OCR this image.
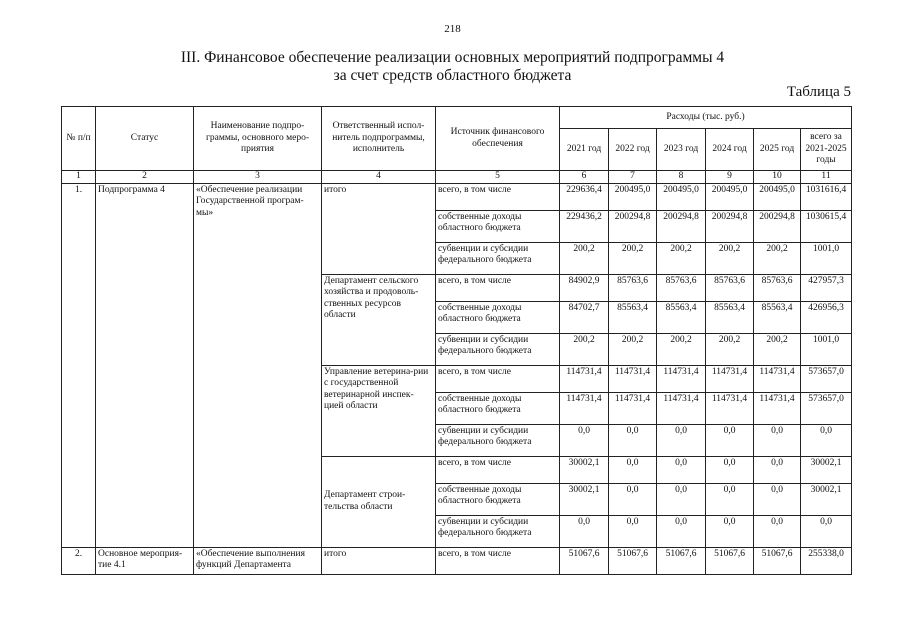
218
III. Финансовое обеспечение реализации основных мероприятий подпрограммы 4
за счет средств областного бюджета
Таблица 5
№ п/п	Статус	Наименование подпро-граммы, основного меро-приятия	Ответственный испол-нитель подпрограммы, исполнитель	Источник финансового обеспечения	Расходы (тыс. руб.)					
					2021 год	2022 год	2023 год	2024 год	2025 год	всего за 2021-2025 годы
1	2	3	4	5	6	7	8	9	10	11
1.	Подпрограмма 4	«Обеспечение реализации Государственной програм-мы»	итого	всего, в том числе	229636,4	200495,0	200495,0	200495,0	200495,0	1031616,4
				собственные доходы областного бюджета	229436,2	200294,8	200294,8	200294,8	200294,8	1030615,4
				субвенции и субсидии федерального бюджета	200,2	200,2	200,2	200,2	200,2	1001,0
			Департамент сельского хозяйства и продоволь-ственных ресурсов области	всего, в том числе	84902,9	85763,6	85763,6	85763,6	85763,6	427957,3
				собственные доходы областного бюджета	84702,7	85563,4	85563,4	85563,4	85563,4	426956,3
				субвенции и субсидии федерального бюджета	200,2	200,2	200,2	200,2	200,2	1001,0
			Управление ветерина-рии с государственной ветеринарной инспек-цией области	всего, в том числе	114731,4	114731,4	114731,4	114731,4	114731,4	573657,0
				собственные доходы областного бюджета	114731,4	114731,4	114731,4	114731,4	114731,4	573657,0
				субвенции и субсидии федерального бюджета	0,0	0,0	0,0	0,0	0,0	0,0
			Департамент строи-тельства области	всего, в том числе	30002,1	0,0	0,0	0,0	0,0	30002,1
				собственные доходы областного бюджета	30002,1	0,0	0,0	0,0	0,0	30002,1
				субвенции и субсидии федерального бюджета	0,0	0,0	0,0	0,0	0,0	0,0
2.	Основное мероприя-тие 4.1	«Обеспечение выполнения функций Департамента	итого	всего, в том числе	51067,6	51067,6	51067,6	51067,6	51067,6	255338,0
